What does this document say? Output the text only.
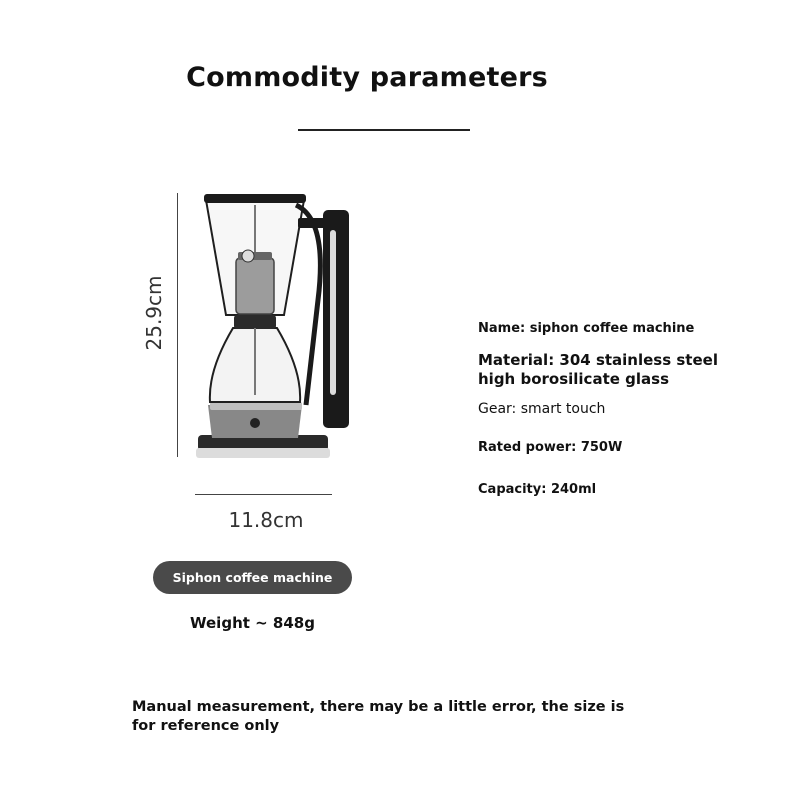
Commodity parameters
25.9cm
11.8cm
Siphon coffee machine
Weight ~ 848g
Name: siphon coffee machine
Material: 304 stainless steel
high borosilicate glass
Gear: smart touch
Rated power: 750W
Capacity: 240ml
Manual measurement, there may be a little error, the size is for reference only
